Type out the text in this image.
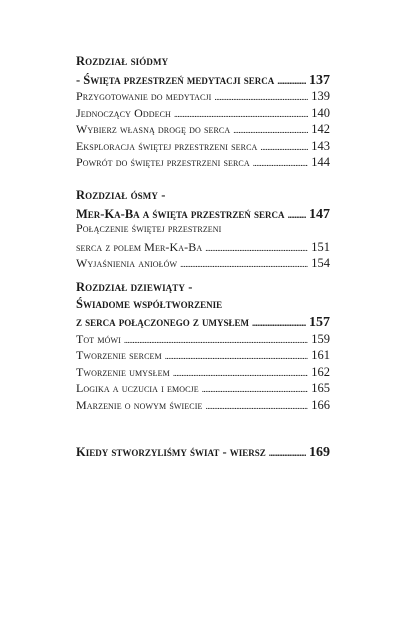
Rozdział siódmy
- Święta przestrzeń medytacji serca . . . 137
Przygotowanie do medytacji . . .	139
Jednoczący Oddech . . .	140
Wybierz własną drogę do serca . . .	142
Eksploracja świętej przestrzeni serca . . .	143
Powrót do świętej przestrzeni serca . . .	144
Rozdział ósmy -
Mer-Ka-Ba a święta przestrzeń serca . . . 147
Połączenie świętej przestrzeni
serca z polem Mer-Ka-Ba . . .	151
Wyjaśnienia aniołów . . .	154
Rozdział dziewiąty -
Świadome współtworzenie
z serca połączonego z umysłem . . .	157
Tot mówi . . .	159
Tworzenie sercem . . .	161
Tworzenie umysłem . . .	162
Logika a uczucia i emocje . . .	165
Marzenie o nowym świecie . . .	166
Kiedy stworzyliśmy świat - wiersz . . .	169
